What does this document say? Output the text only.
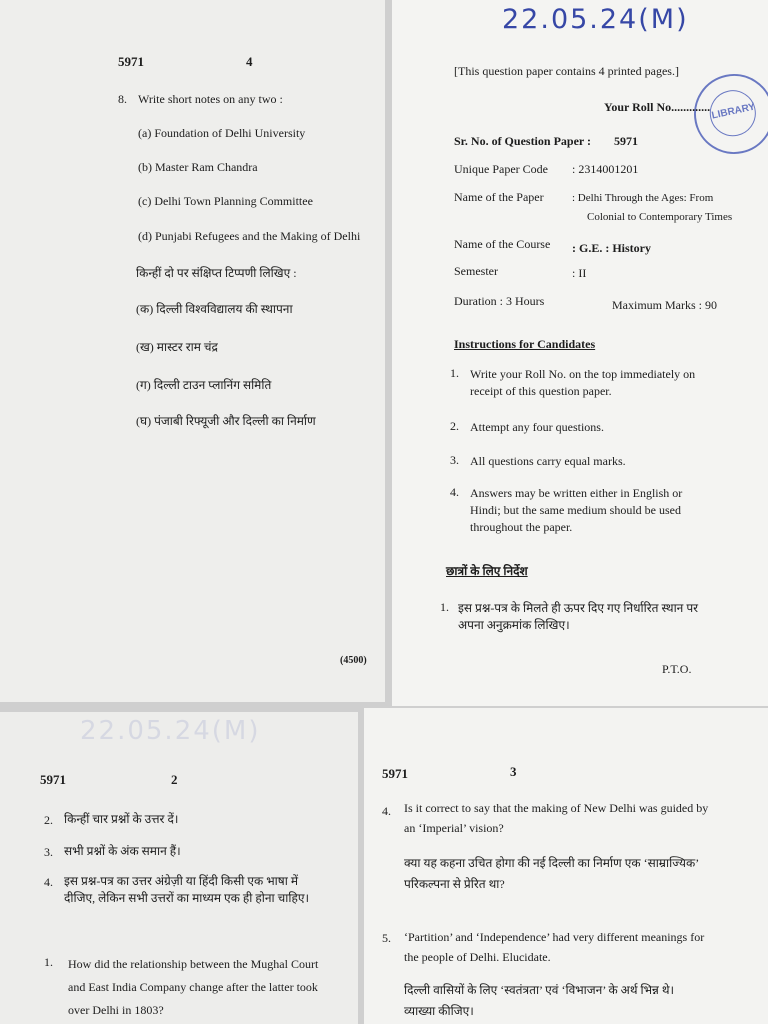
5971	4
8. Write short notes on any two :
(a) Foundation of Delhi University
(b) Master Ram Chandra
(c) Delhi Town Planning Committee
(d) Punjabi Refugees and the Making of Delhi
किन्हीं दो पर संक्षिप्त टिप्पणी लिखिए :
(क) दिल्ली विश्वविद्यालय की स्थापना
(ख) मास्टर राम चंद्र
(ग) दिल्ली टाउन प्लानिंग समिति
(घ) पंजाबी रिफ्यूजी और दिल्ली का निर्माण
(4500)
22.05.24(M)
LIBRARY
[This question paper contains 4 printed pages.]
Your Roll No.............
Sr. No. of Question Paper : 5971
Unique Paper Code : 2314001201
Name of the Paper	: Delhi Through the Ages: From
Colonial to Contemporary Times
Name of the Course : G.E. : History
Semester	: II
Duration : 3 Hours	Maximum Marks : 90
Instructions for Candidates
1. Write your Roll No. on the top immediately on receipt of this question paper.
2. Attempt any four questions.
3. All questions carry equal marks.
4. Answers may be written either in English or Hindi; but the same medium should be used throughout the paper.
छात्रों के लिए निर्देश
1. इस प्रश्न-पत्र के मिलते ही ऊपर दिए गए निर्धारित स्थान पर अपना अनुक्रमांक लिखिए।
P.T.O.
22.05.24(M)
5971	2
2. किन्हीं चार प्रश्नों के उत्तर दें।
3. सभी प्रश्नों के अंक समान हैं।
4. इस प्रश्न-पत्र का उत्तर अंग्रेज़ी या हिंदी किसी एक भाषा में दीजिए, लेकिन सभी उत्तरों का माध्यम एक ही होना चाहिए।
1. How did the relationship between the Mughal Court and East India Company change after the latter took over Delhi in 1803?
5971	3
4. Is it correct to say that the making of New Delhi was guided by an ‘Imperial’ vision?
क्या यह कहना उचित होगा की नई दिल्ली का निर्माण एक ‘साम्राज्यिक’ परिकल्पना से प्रेरित था?
5. ‘Partition’ and ‘Independence’ had very different meanings for the people of Delhi. Elucidate.
दिल्ली वासियों के लिए ‘स्वतंत्रता’ एवं ‘विभाजन’ के अर्थ भिन्न थे। व्याख्या कीजिए।
